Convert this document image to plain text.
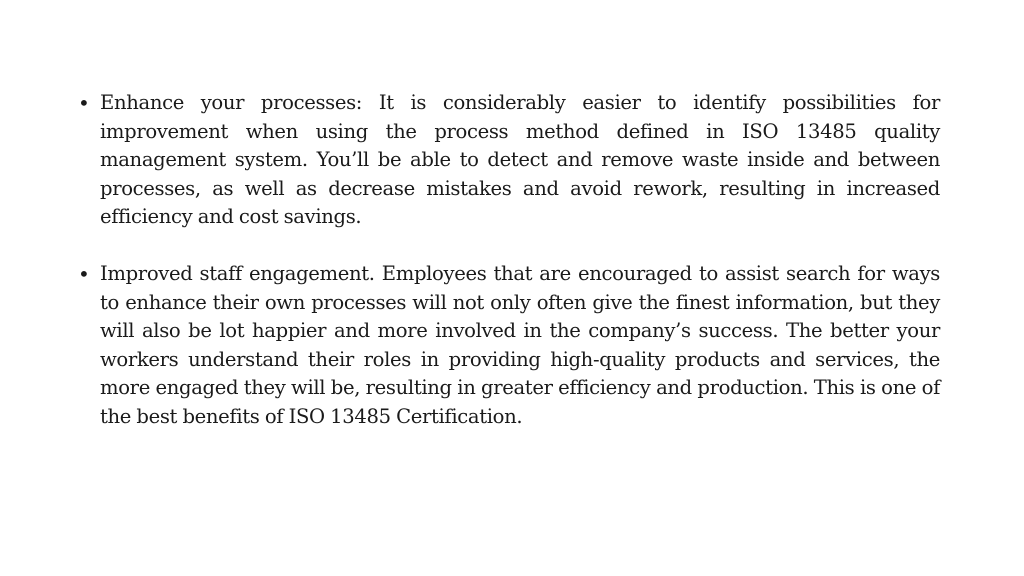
• Enhance your processes: It is considerably easier to identify possibilities for improvement when using the process method defined in ISO 13485 quality management system. You’ll be able to detect and remove waste inside and between processes, as well as decrease mistakes and avoid rework, resulting in increased efficiency and cost savings.
• Improved staff engagement. Employees that are encouraged to assist search for ways to enhance their own processes will not only often give the finest information, but they will also be lot happier and more involved in the company’s success. The better your workers understand their roles in providing high-quality products and services, the more engaged they will be, resulting in greater efficiency and production. This is one of the best benefits of ISO 13485 Certification.
